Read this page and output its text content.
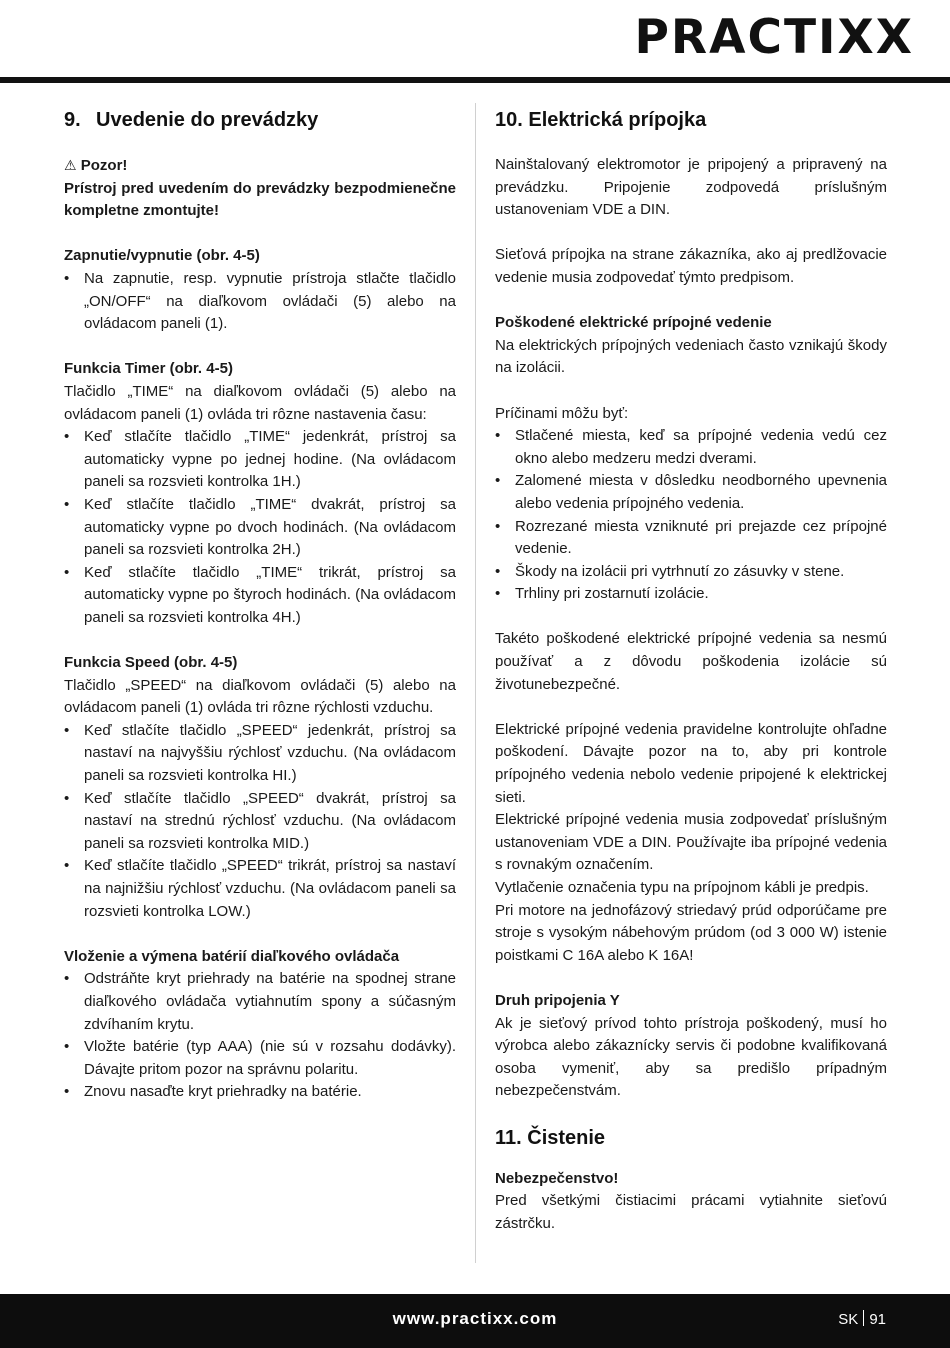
PRACTIXX
9. Uvedenie do prevádzky

⚠ Pozor!

Prístroj pred uvedením do prevádzky bezpodmienečne kompletne zmontujte!

Zapnutie/vypnutie (obr. 4-5)

• Na zapnutie, resp. vypnutie prístroja stlačte tlačidlo „ON/OFF“ na diaľkovom ovládači (5) alebo na ovládacom paneli (1).

Funkcia Timer (obr. 4-5)

Tlačidlo „TIME“ na diaľkovom ovládači (5) alebo na ovládacom paneli (1) ovláda tri rôzne nastavenia času:

• Keď stlačíte tlačidlo „TIME“ jedenkrát, prístroj sa automaticky vypne po jednej hodine. (Na ovládacom paneli sa rozsvieti kontrolka 1H.)
• Keď stlačíte tlačidlo „TIME“ dvakrát, prístroj sa automaticky vypne po dvoch hodinách. (Na ovládacom paneli sa rozsvieti kontrolka 2H.)
• Keď stlačíte tlačidlo „TIME“ trikrát, prístroj sa automaticky vypne po štyroch hodinách. (Na ovládacom paneli sa rozsvieti kontrolka 4H.)

Funkcia Speed (obr. 4-5)

Tlačidlo „SPEED“ na diaľkovom ovládači (5) alebo na ovládacom paneli (1) ovláda tri rôzne rýchlosti vzduchu.

• Keď stlačíte tlačidlo „SPEED“ jedenkrát, prístroj sa nastaví na najvyššiu rýchlosť vzduchu. (Na ovládacom paneli sa rozsvieti kontrolka HI.)
• Keď stlačíte tlačidlo „SPEED“ dvakrát, prístroj sa nastaví na strednú rýchlosť vzduchu. (Na ovládacom paneli sa rozsvieti kontrolka MID.)
• Keď stlačíte tlačidlo „SPEED“ trikrát, prístroj sa nastaví na najnižšiu rýchlosť vzduchu. (Na ovládacom paneli sa rozsvieti kontrolka LOW.)

Vloženie a výmena batérií diaľkového ovládača

• Odstráňte kryt priehrady na batérie na spodnej strane diaľkového ovládača vytiahnutím spony a súčasným zdvíhaním krytu.
• Vložte batérie (typ AAA) (nie sú v rozsahu dodávky). Dávajte pritom pozor na správnu polaritu.
• Znovu nasaďte kryt priehradky na batérie.
10. Elektrická prípojka

Nainštalovaný elektromotor je pripojený a pripravený na prevádzku. Pripojenie zodpovedá príslušným ustanoveniam VDE a DIN.

Sieťová prípojka na strane zákazníka, ako aj predlžovacie vedenie musia zodpovedať týmto predpisom.

Poškodené elektrické prípojné vedenie

Na elektrických prípojných vedeniach často vznikajú škody na izolácii.

Príčinami môžu byť:

• Stlačené miesta, keď sa prípojné vedenia vedú cez okno alebo medzeru medzi dverami.
• Zalomené miesta v dôsledku neodborného upevnenia alebo vedenia prípojného vedenia.
• Rozrezané miesta vzniknuté pri prejazde cez prípojné vedenie.
• Škody na izolácii pri vytrhnutí zo zásuvky v stene.
• Trhliny pri zostarnutí izolácie.

Takéto poškodené elektrické prípojné vedenia sa nesmú používať a z dôvodu poškodenia izolácie sú životunebezpečné.

Elektrické prípojné vedenia pravidelne kontrolujte ohľadne poškodení. Dávajte pozor na to, aby pri kontrole prípojného vedenia nebolo vedenie pripojené k elektrickej sieti.

Elektrické prípojné vedenia musia zodpovedať príslušným ustanoveniam VDE a DIN. Používajte iba prípojné vedenia s rovnakým označením.

Vytlačenie označenia typu na prípojnom kábli je predpis.

Pri motore na jednofázový striedavý prúd odporúčame pre stroje s vysokým nábehovým prúdom (od 3 000 W) istenie poistkami C 16A alebo K 16A!

Druh pripojenia Y

Ak je sieťový prívod tohto prístroja poškodený, musí ho výrobca alebo zákaznícky servis či podobne kvalifikovaná osoba vymeniť, aby sa predišlo prípadným nebezpečenstvám.

11. Čistenie

Nebezpečenstvo!

Pred všetkými čistiacimi prácami vytiahnite sieťovú zástrčku.

www.practixx.com	SK 91
